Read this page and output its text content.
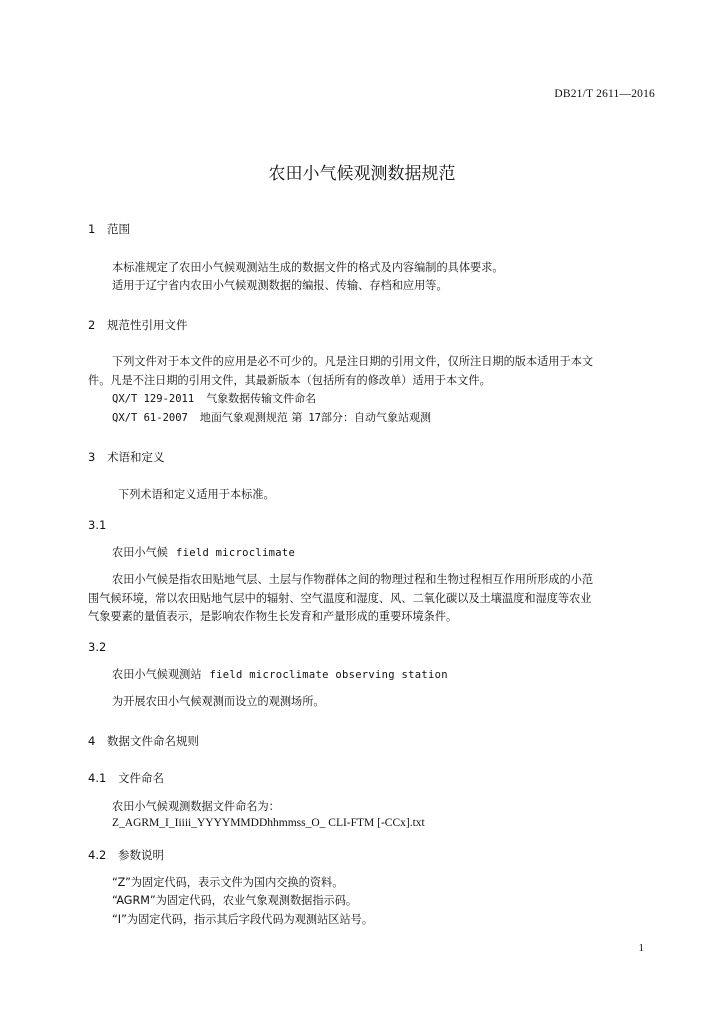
DB21/T 2611—2016
农田小气候观测数据规范
1 范围
本标准规定了农田小气候观测站生成的数据文件的格式及内容编制的具体要求。
适用于辽宁省内农田小气候观测数据的编报、传输、存档和应用等。
2 规范性引用文件
下列文件对于本文件的应用是必不可少的。凡是注日期的引用文件，仅所注日期的版本适用于本文
件。凡是不注日期的引用文件，其最新版本（包括所有的修改单）适用于本文件。
QX/T 129-2011 气象数据传输文件命名
QX/T 61-2007 地面气象观测规范 第 17部分：自动气象站观测
3 术语和定义
下列术语和定义适用于本标准。
3.1
农田小气候 field microclimate
农田小气候是指农田贴地气层、土层与作物群体之间的物理过程和生物过程相互作用所形成的小范
围气候环境，常以农田贴地气层中的辐射、空气温度和湿度、风、二氧化碳以及土壤温度和湿度等农业
气象要素的量值表示，是影响农作物生长发育和产量形成的重要环境条件。
3.2
农田小气候观测站 field microclimate observing station
为开展农田小气候观测而设立的观测场所。
4 数据文件命名规则
4.1 文件命名
农田小气候观测数据文件命名为：
Z_AGRM_I_Iiiii_YYYYMMDDhhmmss_O_ CLI-FTM [-CCx].txt
4.2 参数说明
“Z”为固定代码，表示文件为国内交换的资料。
“AGRM”为固定代码，农业气象观测数据指示码。
“I”为固定代码，指示其后字段代码为观测站区站号。
1
